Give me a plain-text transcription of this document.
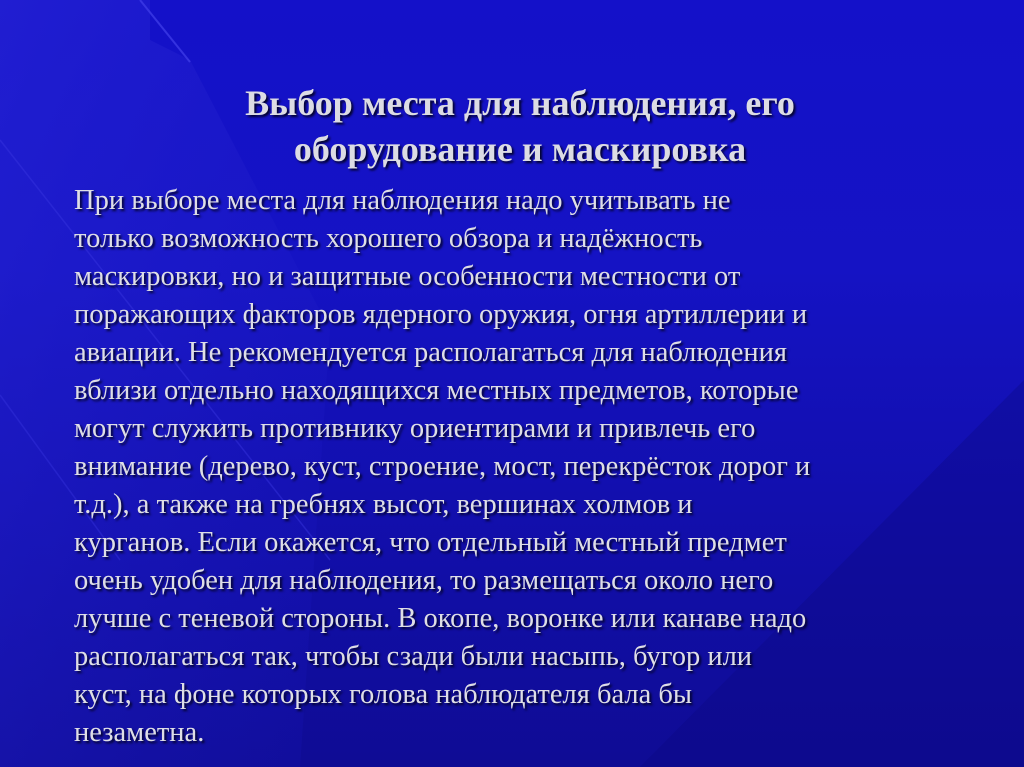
Выбор места для наблюдения, его
оборудование и маскировка
При выборе места для наблюдения надо учитывать не
только возможность хорошего обзора и надёжность
маскировки, но и защитные особенности местности от
поражающих факторов ядерного оружия, огня артиллерии и
авиации. Не рекомендуется располагаться для наблюдения
вблизи отдельно находящихся местных предметов, которые
могут служить противнику ориентирами и привлечь его
внимание (дерево, куст, строение, мост, перекрёсток дорог и
т.д.), а также на гребнях высот, вершинах холмов и
курганов. Если окажется, что отдельный местный предмет
очень удобен для наблюдения, то размещаться около него
лучше с теневой стороны. В окопе, воронке или канаве надо
располагаться так, чтобы сзади были насыпь, бугор или
куст, на фоне которых голова наблюдателя бала бы
незаметна.
